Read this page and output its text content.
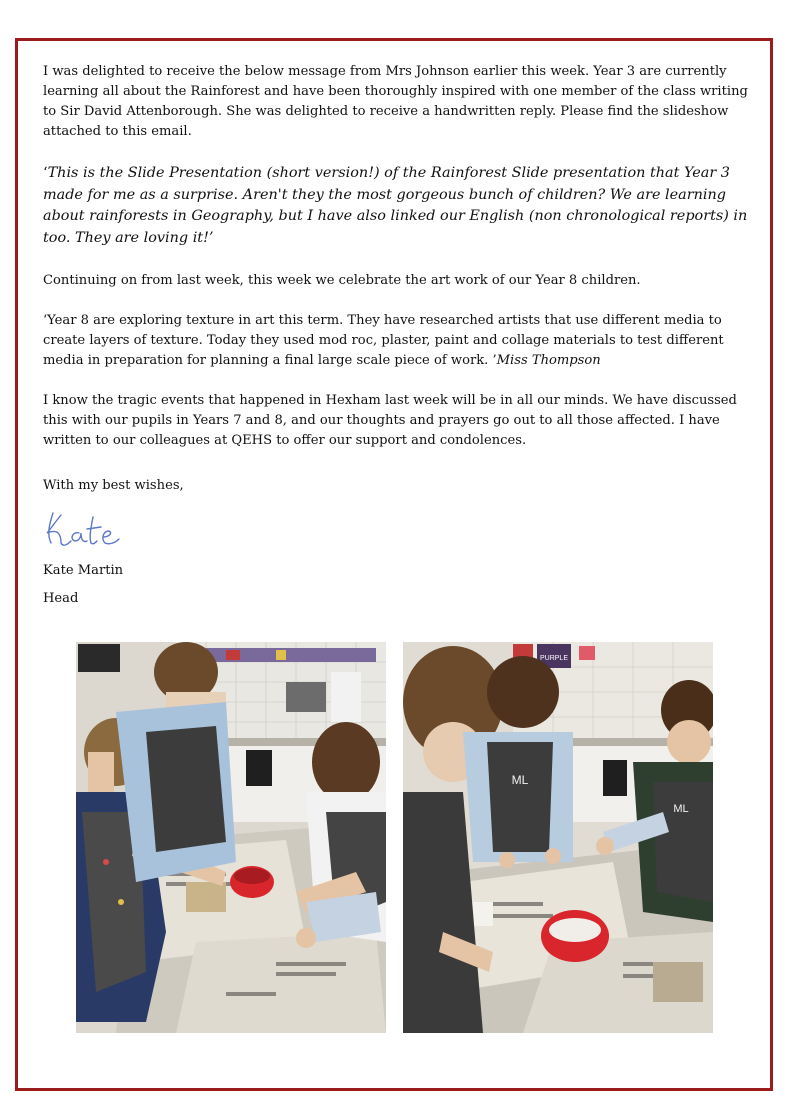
I was delighted to receive the below message from Mrs Johnson earlier this week. Year 3 are currently learning all about the Rainforest and have been thoroughly inspired with one member of the class writing to Sir David Attenborough. She was delighted to receive a handwritten reply. Please find the slideshow attached to this email.

‘This is the Slide Presentation (short version!) of the Rainforest Slide presentation that Year 3 made for me as a surprise. Aren't they the most gorgeous bunch of children? We are learning about rainforests in Geography, but I have also linked our English (non chronological reports) in too. They are loving it!’

Continuing on from last week, this week we celebrate the art work of our Year 8 children.

‘Year 8 are exploring texture in art this term. They have researched artists that use different media to create layers of texture. Today they used mod roc, plaster, paint and collage materials to test different media in preparation for planning a final large scale piece of work. ’Miss Thompson

I know the tragic events that happened in Hexham last week will be in all our minds. We have discussed this with our pupils in Years 7 and 8, and our thoughts and prayers go out to all those affected. I have written to our colleagues at QEHS to offer our support and condolences.

With my best wishes,

Kate Martin

Head

PURPLE
ML
ML
